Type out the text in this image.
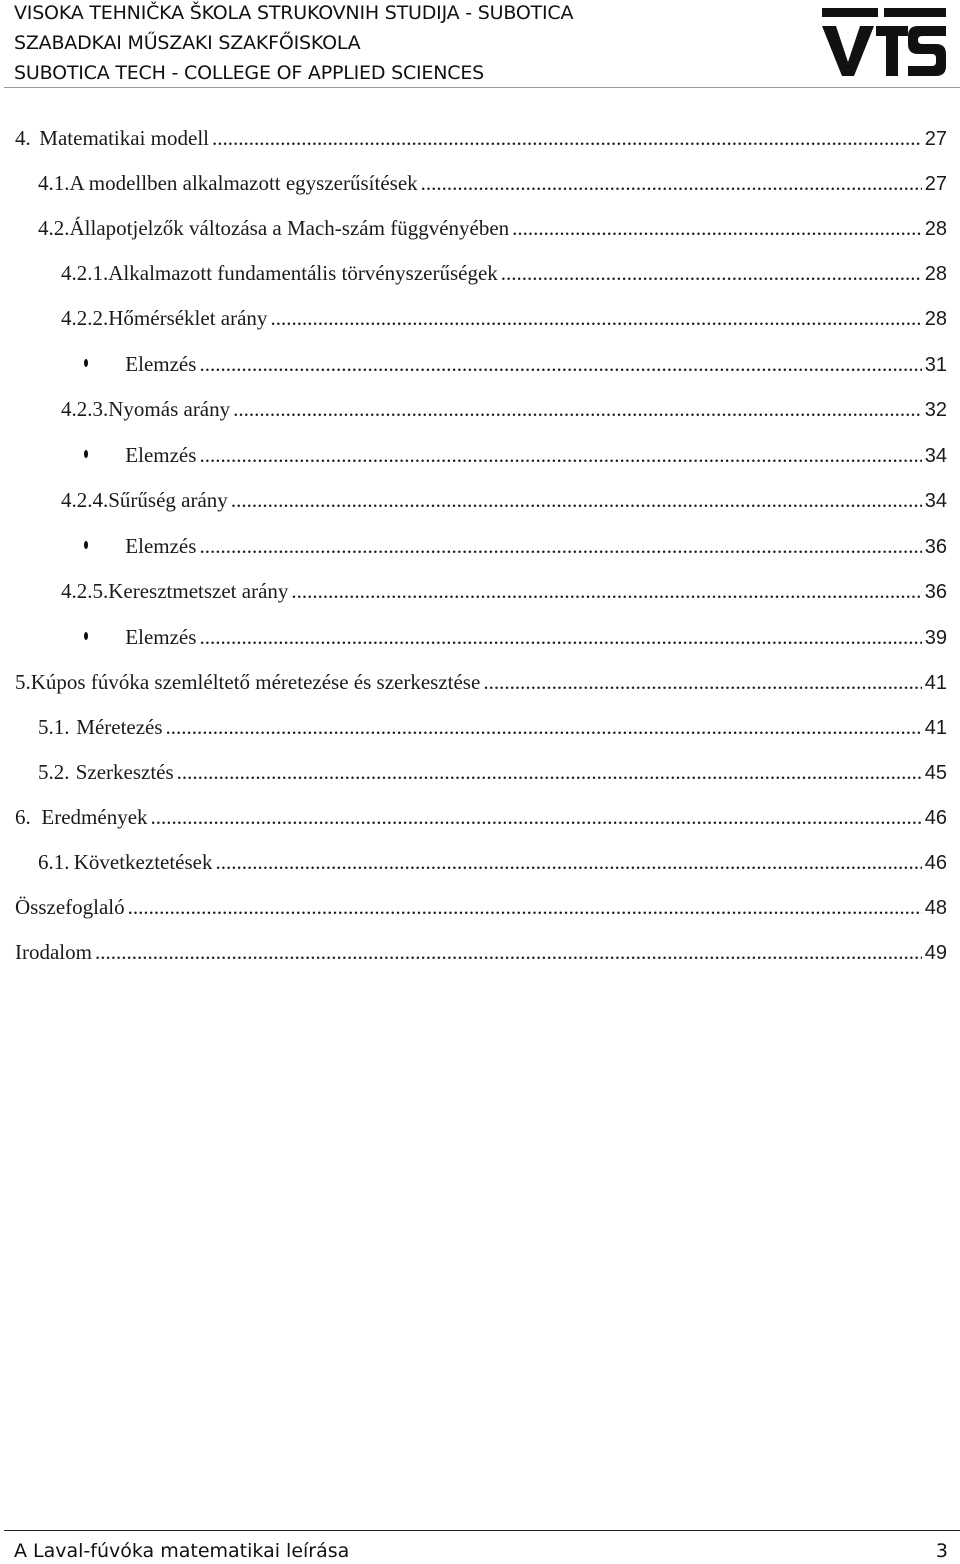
VISOKA TEHNIČKA ŠKOLA STRUKOVNIH STUDIJA - SUBOTICA
SZABADKAI MŰSZAKI SZAKFŐISKOLA
SUBOTICA TECH - COLLEGE OF APPLIED SCIENCES
4. Matematikai modell .....	27
4.1. A modellben alkalmazott egyszerűsítések .....	27
4.2. Állapotjelzők változása a Mach-szám függvényében .....	28
4.2.1. Alkalmazott fundamentális törvényszerűségek .....	28
4.2.2. Hőmérséklet arány .....	28
Elemzés .....	31
4.2.3. Nyomás arány .....	32
Elemzés .....	34
4.2.4. Sűrűség arány .....	34
Elemzés .....	36
4.2.5. Keresztmetszet arány .....	36
Elemzés .....	39
5. Kúpos fúvóka szemléltető méretezése és szerkesztése .....	41
5.1. Méretezés .....	41
5.2. Szerkesztés .....	45
6. Eredmények .....	46
6.1. Következtetések .....	46
Összefoglaló .....	48
Irodalom .....	49
A Laval-fúvóka matematikai leírása	3
